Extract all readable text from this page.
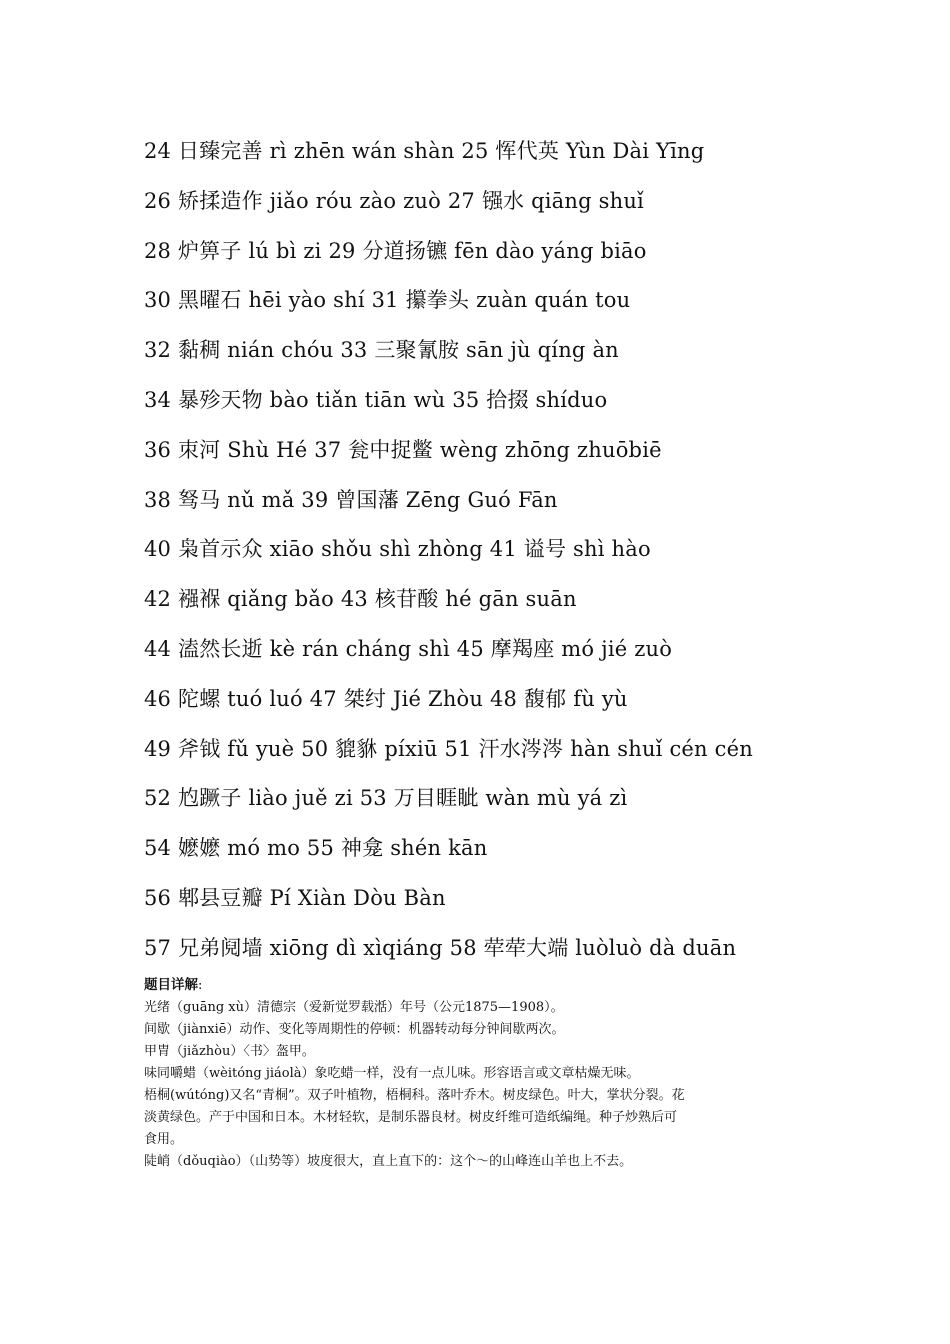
24 日臻完善 rì zhēn wán shàn 25 恽代英 Yùn Dài Yīng
26 矫揉造作 jiǎo róu zào zuò 27 镪水 qiāng shuǐ
28 炉箅子 lú bì zi 29 分道扬镳 fēn dào yáng biāo
30 黑曜石 hēi yào shí 31 攥拳头 zuàn quán tou
32 黏稠 nián chóu 33 三聚氰胺 sān jù qíng àn
34 暴殄天物 bào tiǎn tiān wù 35 拾掇 shíduo
36 朿河 Shù Hé 37 瓮中捉鳖 wèng zhōng zhuōbiē
38 驽马 nǔ mǎ 39 曾国藩 Zēng Guó Fān
40 枭首示众 xiāo shǒu shì zhòng 41 谥号 shì hào
42 襁褓 qiǎng bǎo 43 核苷酸 hé gān suān
44 溘然长逝 kè rán cháng shì 45 摩羯座 mó jié zuò
46 陀螺 tuó luó 47 桀纣 Jié Zhòu 48 馥郁 fù yù
49 斧钺 fǔ yuè 50 貔貅 píxiū 51 汗水涔涔 hàn shuǐ cén cén
52 尥蹶子 liào juě zi 53 万目睚眦 wàn mù yá zì
54 嬷嬷 mó mo 55 神龛 shén kān
56 郫县豆瓣 Pí Xiàn Dòu Bàn
57 兄弟阋墙 xiōng dì xìqiáng 58 荦荦大端 luòluò dà duān
题目详解:
光绪（guāng xù）清德宗（爱新觉罗载湉）年号（公元1875—1908）。
间歇（jiànxiē）动作、变化等周期性的停顿：机器转动每分钟间歇两次。
甲胄（jiǎzhòu）〈书〉盔甲。
味同嚼蜡（wèitóng jiáolà）象吃蜡一样，没有一点儿味。形容语言或文章枯燥无味。
梧桐(wútóng)又名“青桐”。双子叶植物，梧桐科。落叶乔木。树皮绿色。叶大，掌状分裂。花
淡黄绿色。产于中国和日本。木材轻软，是制乐器良材。树皮纤维可造纸编绳。种子炒熟后可
食用。
陡峭（dǒuqiào）（山势等）坡度很大，直上直下的：这个～的山峰连山羊也上不去。
